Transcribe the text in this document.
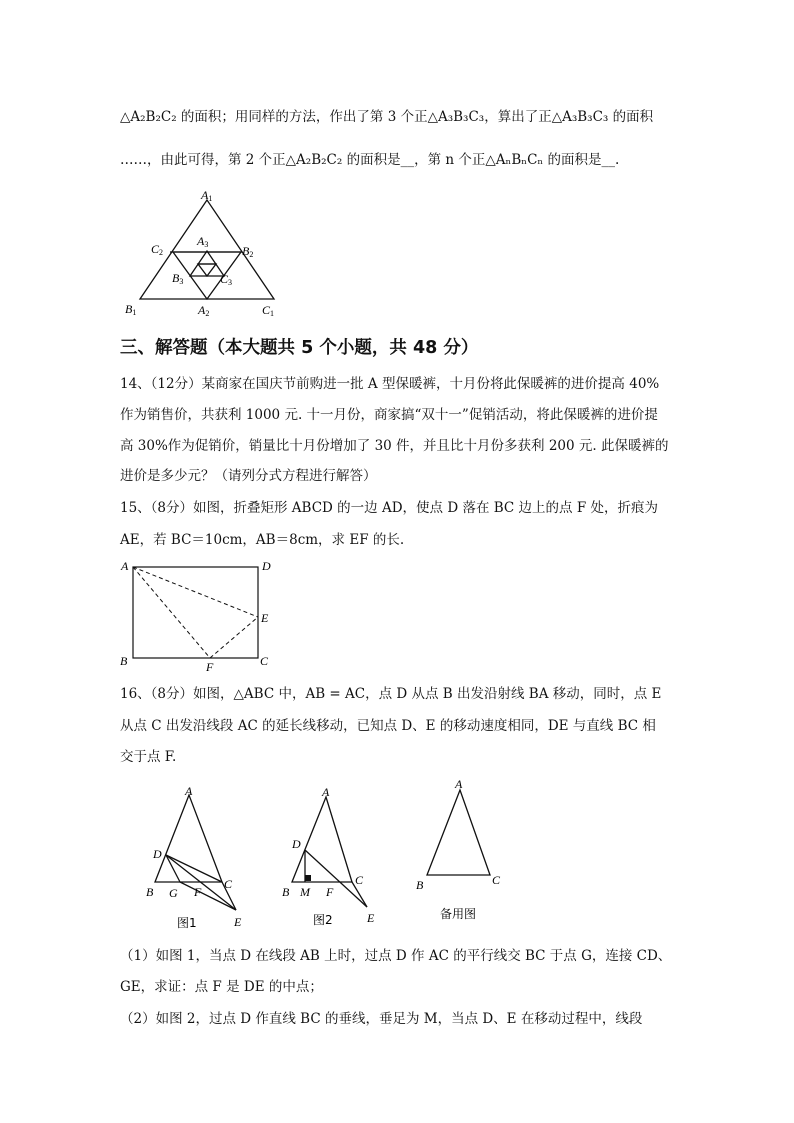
△A₂B₂C₂ 的面积；用同样的方法，作出了第 3 个正△A₃B₃C₃，算出了正△A₃B₃C₃ 的面积
……，由此可得，第 2 个正△A₂B₂C₂ 的面积是__，第 n 个正△AₙBₙCₙ 的面积是__.
A1
B1	C1
A2
B2
C2
A3
B3	C3
三、解答题（本大题共 5 个小题，共 48 分）
14、（12分）某商家在国庆节前购进一批 A 型保暖裤，十月份将此保暖裤的进价提高 40%
作为销售价，共获利 1000 元. 十一月份，商家搞“双十一”促销活动，将此保暖裤的进价提
高 30%作为促销价，销量比十月份增加了 30 件，并且比十月份多获利 200 元. 此保暖裤的
进价是多少元？（请列分式方程进行解答）
15、（8分）如图，折叠矩形 ABCD 的一边 AD，使点 D 落在 BC 边上的点 F 处，折痕为
AE，若 BC＝10cm，AB＝8cm，求 EF 的长.
A	D
E
B	F	C
16、（8分）如图，△ABC 中，AB = AC，点 D 从点 B 出发沿射线 BA 移动，同时，点 E
从点 C 出发沿线段 AC 的延长线移动，已知点 D、E 的移动速度相同，DE 与直线 BC 相
交于点 F.
A
D
B G F
C
E
图1
A
D
B M F
C
E
图2
A
B	C
备用图
（1）如图 1，当点 D 在线段 AB 上时，过点 D 作 AC 的平行线交 BC 于点 G，连接 CD、
GE，求证：点 F 是 DE 的中点；
（2）如图 2，过点 D 作直线 BC 的垂线，垂足为 M，当点 D、E 在移动过程中，线段
